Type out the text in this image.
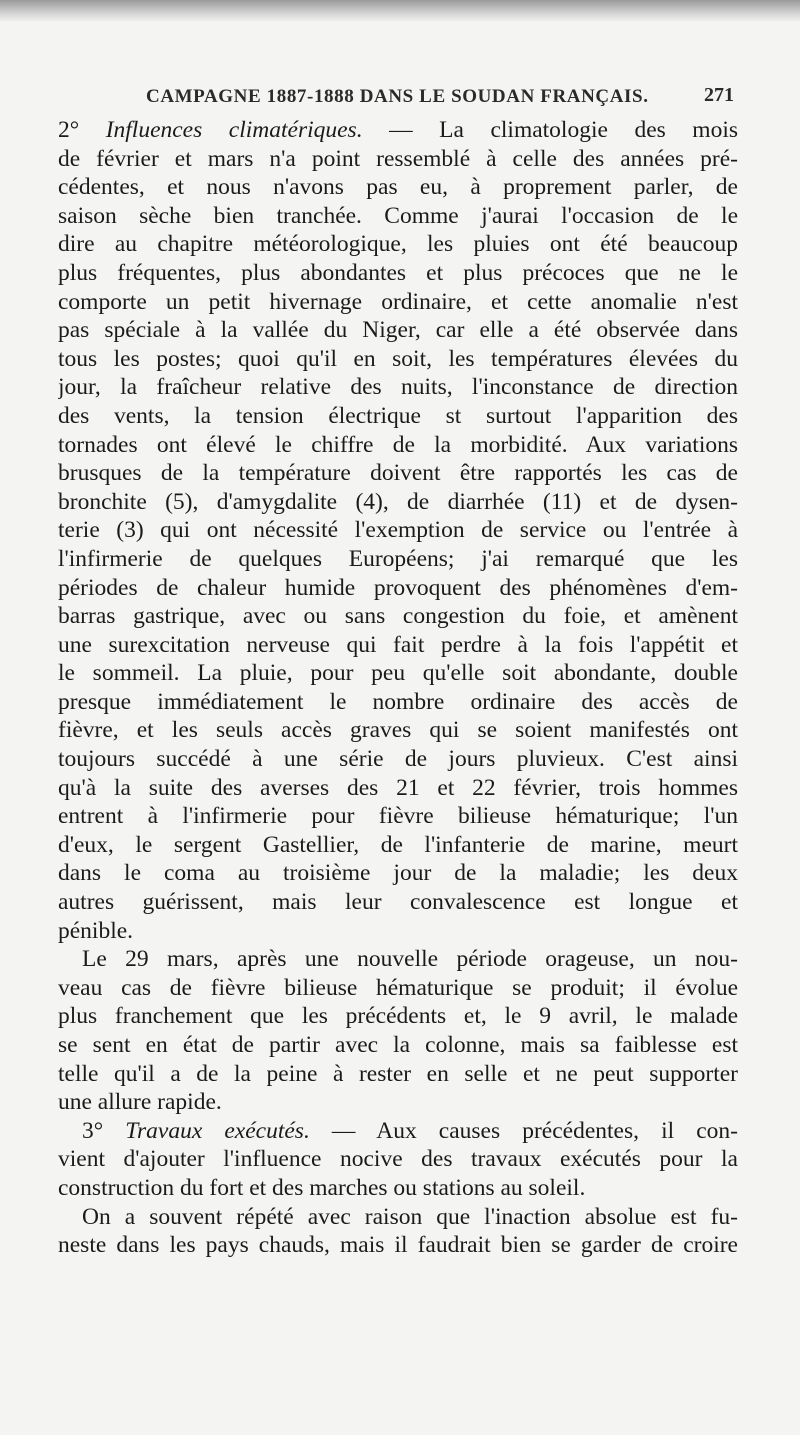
CAMPAGNE 1887-1888 DANS LE SOUDAN FRANÇAIS.	271
2° Influences climatériques. — La climatologie des mois
de février et mars n'a point ressemblé à celle des années pré-
cédentes, et nous n'avons pas eu, à proprement parler, de
saison sèche bien tranchée. Comme j'aurai l'occasion de le
dire au chapitre météorologique, les pluies ont été beaucoup
plus fréquentes, plus abondantes et plus précoces que ne le
comporte un petit hivernage ordinaire, et cette anomalie n'est
pas spéciale à la vallée du Niger, car elle a été observée dans
tous les postes; quoi qu'il en soit, les températures élevées du
jour, la fraîcheur relative des nuits, l'inconstance de direction
des vents, la tension électrique st surtout l'apparition des
tornades ont élevé le chiffre de la morbidité. Aux variations
brusques de la température doivent être rapportés les cas de
bronchite (5), d'amygdalite (4), de diarrhée (11) et de dysen-
terie (3) qui ont nécessité l'exemption de service ou l'entrée à
l'infirmerie de quelques Européens; j'ai remarqué que les
périodes de chaleur humide provoquent des phénomènes d'em-
barras gastrique, avec ou sans congestion du foie, et amènent
une surexcitation nerveuse qui fait perdre à la fois l'appétit et
le sommeil. La pluie, pour peu qu'elle soit abondante, double
presque immédiatement le nombre ordinaire des accès de
fièvre, et les seuls accès graves qui se soient manifestés ont
toujours succédé à une série de jours pluvieux. C'est ainsi
qu'à la suite des averses des 21 et 22 février, trois hommes
entrent à l'infirmerie pour fièvre bilieuse hématurique; l'un
d'eux, le sergent Gastellier, de l'infanterie de marine, meurt
dans le coma au troisième jour de la maladie; les deux
autres guérissent, mais leur convalescence est longue et
pénible.
Le 29 mars, après une nouvelle période orageuse, un nou-
veau cas de fièvre bilieuse hématurique se produit; il évolue
plus franchement que les précédents et, le 9 avril, le malade
se sent en état de partir avec la colonne, mais sa faiblesse est
telle qu'il a de la peine à rester en selle et ne peut supporter
une allure rapide.
3° Travaux exécutés. — Aux causes précédentes, il con-
vient d'ajouter l'influence nocive des travaux exécutés pour la
construction du fort et des marches ou stations au soleil.
On a souvent répété avec raison que l'inaction absolue est fu-
neste dans les pays chauds, mais il faudrait bien se garder de croire
